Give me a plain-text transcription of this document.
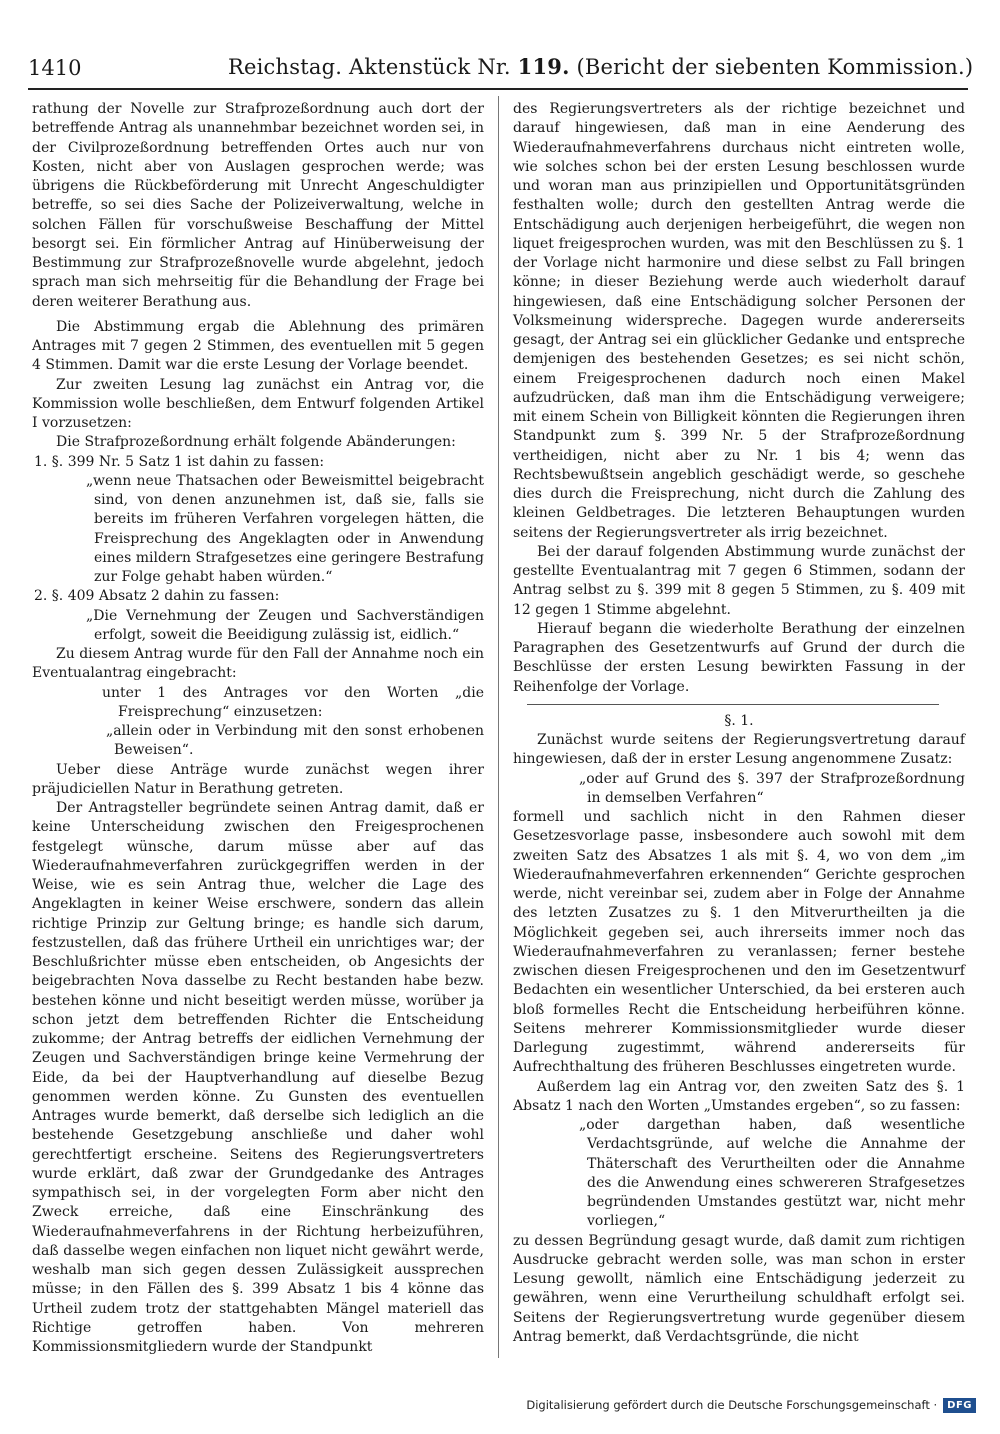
1410	Reichstag. Aktenstück Nr. 119. (Bericht der siebenten Kommission.)

rathung der Novelle zur Strafprozeßordnung auch dort der betreffende Antrag als unannehmbar bezeichnet worden sei, in der Civilprozeßordnung betreffenden Ortes auch nur von Kosten, nicht aber von Auslagen gesprochen werde; was übrigens die Rückbeförderung mit Unrecht Angeschuldigter betreffe, so sei dies Sache der Polizeiverwaltung, welche in solchen Fällen für vorschußweise Beschaffung der Mittel besorgt sei. Ein förmlicher Antrag auf Hinüberweisung der Bestimmung zur Strafprozeßnovelle wurde abgelehnt, jedoch sprach man sich mehrseitig für die Behandlung der Frage bei deren weiterer Berathung aus.

Die Abstimmung ergab die Ablehnung des primären Antrages mit 7 gegen 2 Stimmen, des eventuellen mit 5 gegen 4 Stimmen. Damit war die erste Lesung der Vorlage beendet.

Zur zweiten Lesung lag zunächst ein Antrag vor, die Kommission wolle beschließen, dem Entwurf folgenden Artikel I vorzusetzen:

Die Strafprozeßordnung erhält folgende Abänderungen:

1. §. 399 Nr. 5 Satz 1 ist dahin zu fassen:

„wenn neue Thatsachen oder Beweismittel beigebracht sind, von denen anzunehmen ist, daß sie, falls sie bereits im früheren Verfahren vorgelegen hätten, die Freisprechung des Angeklagten oder in Anwendung eines mildern Strafgesetzes eine geringere Bestrafung zur Folge gehabt haben würden.“

2. §. 409 Absatz 2 dahin zu fassen:

„Die Vernehmung der Zeugen und Sachverständigen erfolgt, soweit die Beeidigung zulässig ist, eidlich.“

Zu diesem Antrag wurde für den Fall der Annahme noch ein Eventualantrag eingebracht:

unter 1 des Antrages vor den Worten „die Freisprechung“ einzusetzen:

„allein oder in Verbindung mit den sonst erhobenen Beweisen“.

Ueber diese Anträge wurde zunächst wegen ihrer präjudiciellen Natur in Berathung getreten.

Der Antragsteller begründete seinen Antrag damit, daß er keine Unterscheidung zwischen den Freigesprochenen festgelegt wünsche, darum müsse aber auf das Wiederaufnahmeverfahren zurückgegriffen werden in der Weise, wie es sein Antrag thue, welcher die Lage des Angeklagten in keiner Weise erschwere, sondern das allein richtige Prinzip zur Geltung bringe; es handle sich darum, festzustellen, daß das frühere Urtheil ein unrichtiges war; der Beschlußrichter müsse eben entscheiden, ob Angesichts der beigebrachten Nova dasselbe zu Recht bestanden habe bezw. bestehen könne und nicht beseitigt werden müsse, worüber ja schon jetzt dem betreffenden Richter die Entscheidung zukomme; der Antrag betreffs der eidlichen Vernehmung der Zeugen und Sachverständigen bringe keine Vermehrung der Eide, da bei der Hauptverhandlung auf dieselbe Bezug genommen werden könne. Zu Gunsten des eventuellen Antrages wurde bemerkt, daß derselbe sich lediglich an die bestehende Gesetzgebung anschließe und daher wohl gerechtfertigt erscheine. Seitens des Regierungsvertreters wurde erklärt, daß zwar der Grundgedanke des Antrages sympathisch sei, in der vorgelegten Form aber nicht den Zweck erreiche, daß eine Einschränkung des Wiederaufnahmeverfahrens in der Richtung herbeizuführen, daß dasselbe wegen einfachen non liquet nicht gewährt werde, weshalb man sich gegen dessen Zulässigkeit aussprechen müsse; in den Fällen des §. 399 Absatz 1 bis 4 könne das Urtheil zudem trotz der stattgehabten Mängel materiell das Richtige getroffen haben. Von mehreren Kommissionsmitgliedern wurde der Standpunkt

des Regierungsvertreters als der richtige bezeichnet und darauf hingewiesen, daß man in eine Aenderung des Wiederaufnahmeverfahrens durchaus nicht eintreten wolle, wie solches schon bei der ersten Lesung beschlossen wurde und woran man aus prinzipiellen und Opportunitätsgründen festhalten wolle; durch den gestellten Antrag werde die Entschädigung auch derjenigen herbeigeführt, die wegen non liquet freigesprochen wurden, was mit den Beschlüssen zu §. 1 der Vorlage nicht harmonire und diese selbst zu Fall bringen könne; in dieser Beziehung werde auch wiederholt darauf hingewiesen, daß eine Entschädigung solcher Personen der Volksmeinung widerspreche. Dagegen wurde andererseits gesagt, der Antrag sei ein glücklicher Gedanke und entspreche demjenigen des bestehenden Gesetzes; es sei nicht schön, einem Freigesprochenen dadurch noch einen Makel aufzudrücken, daß man ihm die Entschädigung verweigere; mit einem Schein von Billigkeit könnten die Regierungen ihren Standpunkt zum §. 399 Nr. 5 der Strafprozeßordnung vertheidigen, nicht aber zu Nr. 1 bis 4; wenn das Rechtsbewußtsein angeblich geschädigt werde, so geschehe dies durch die Freisprechung, nicht durch die Zahlung des kleinen Geldbetrages. Die letzteren Behauptungen wurden seitens der Regierungsvertreter als irrig bezeichnet.

Bei der darauf folgenden Abstimmung wurde zunächst der gestellte Eventualantrag mit 7 gegen 6 Stimmen, sodann der Antrag selbst zu §. 399 mit 8 gegen 5 Stimmen, zu §. 409 mit 12 gegen 1 Stimme abgelehnt.

Hierauf begann die wiederholte Berathung der einzelnen Paragraphen des Gesetzentwurfs auf Grund der durch die Beschlüsse der ersten Lesung bewirkten Fassung in der Reihenfolge der Vorlage.

§. 1.

Zunächst wurde seitens der Regierungsvertretung darauf hingewiesen, daß der in erster Lesung angenommene Zusatz:

„oder auf Grund des §. 397 der Strafprozeßordnung in demselben Verfahren“

formell und sachlich nicht in den Rahmen dieser Gesetzesvorlage passe, insbesondere auch sowohl mit dem zweiten Satz des Absatzes 1 als mit §. 4, wo von dem „im Wiederaufnahmeverfahren erkennenden“ Gerichte gesprochen werde, nicht vereinbar sei, zudem aber in Folge der Annahme des letzten Zusatzes zu §. 1 den Mitverurtheilten ja die Möglichkeit gegeben sei, auch ihrerseits immer noch das Wiederaufnahmeverfahren zu veranlassen; ferner bestehe zwischen diesen Freigesprochenen und den im Gesetzentwurf Bedachten ein wesentlicher Unterschied, da bei ersteren auch bloß formelles Recht die Entscheidung herbeiführen könne. Seitens mehrerer Kommissionsmitglieder wurde dieser Darlegung zugestimmt, während andererseits für Aufrechthaltung des früheren Beschlusses eingetreten wurde.

Außerdem lag ein Antrag vor, den zweiten Satz des §. 1 Absatz 1 nach den Worten „Umstandes ergeben“, so zu fassen:

„oder dargethan haben, daß wesentliche Verdachtsgründe, auf welche die Annahme der Thäterschaft des Verurtheilten oder die Annahme des die Anwendung eines schwereren Strafgesetzes begründenden Umstandes gestützt war, nicht mehr vorliegen,“

zu dessen Begründung gesagt wurde, daß damit zum richtigen Ausdrucke gebracht werden solle, was man schon in erster Lesung gewollt, nämlich eine Entschädigung jederzeit zu gewähren, wenn eine Verurtheilung schuldhaft erfolgt sei. Seitens der Regierungsvertretung wurde gegenüber diesem Antrag bemerkt, daß Verdachtsgründe, die nicht

Digitalisierung gefördert durch die Deutsche Forschungsgemeinschaft ·	DFG
